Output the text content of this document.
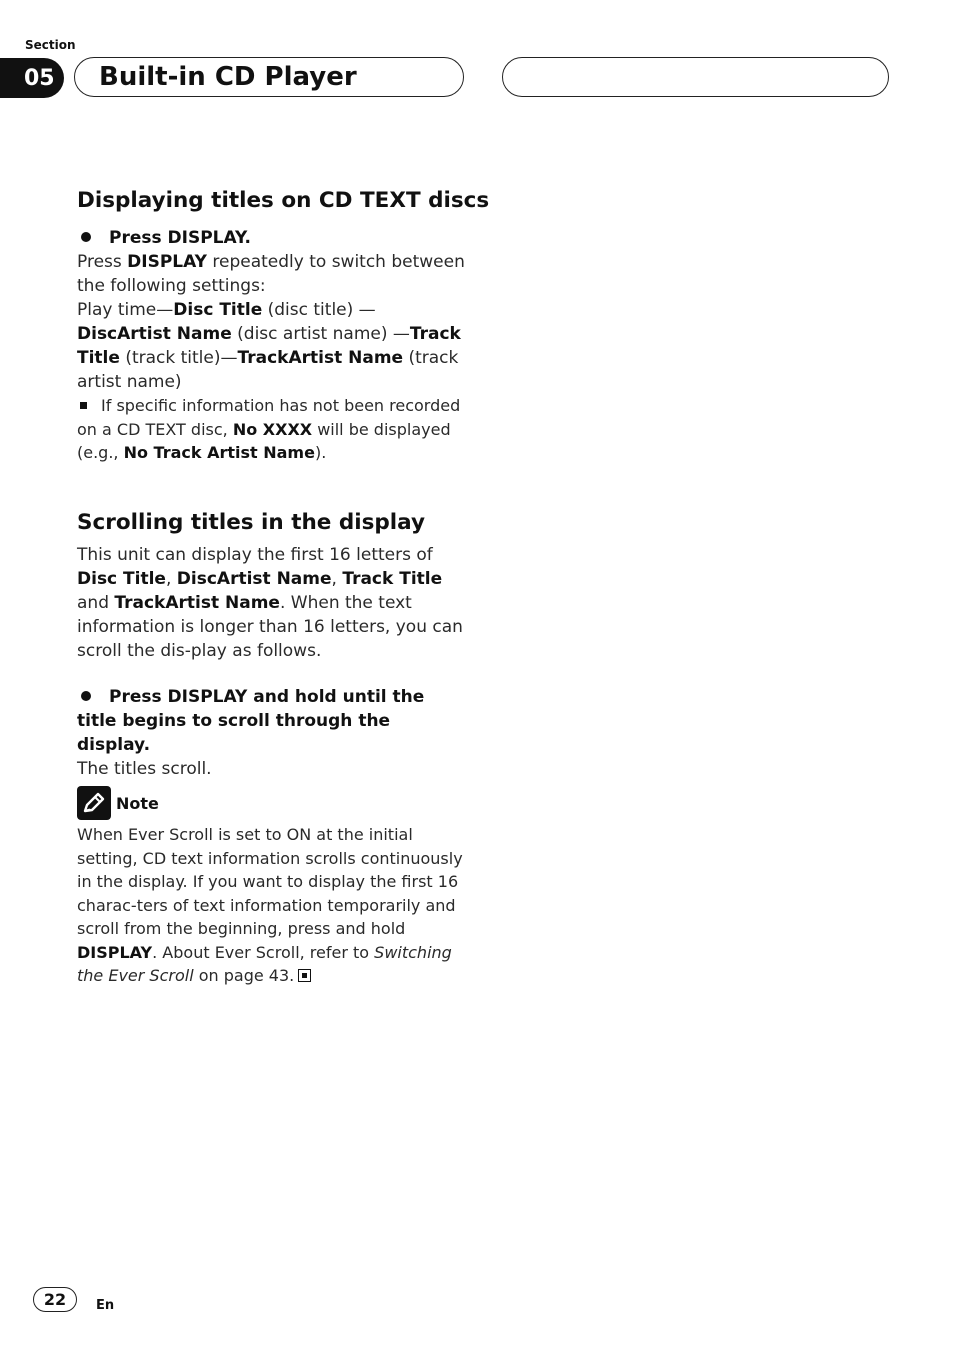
Section
05	Built-in CD Player
Displaying titles on CD TEXT discs

Press DISPLAY.

Press DISPLAY repeatedly to switch between the following settings:

Play time—Disc Title (disc title) —DiscArtist Name (disc artist name) —Track Title (track title)—TrackArtist Name (track artist name)

If specific information has not been recorded on a CD TEXT disc, No XXXX will be displayed (e.g., No Track Artist Name).

Scrolling titles in the display

This unit can display the first 16 letters of Disc Title, DiscArtist Name, Track Title and TrackArtist Name. When the text information is longer than 16 letters, you can scroll the dis-play as follows.

Press DISPLAY and hold until the title begins to scroll through the display.

The titles scroll.

Note

When Ever Scroll is set to ON at the initial setting, CD text information scrolls continuously in the display. If you want to display the first 16 charac-ters of text information temporarily and scroll from the beginning, press and hold DISPLAY. About Ever Scroll, refer to Switching the Ever Scroll on page 43.

22	En
